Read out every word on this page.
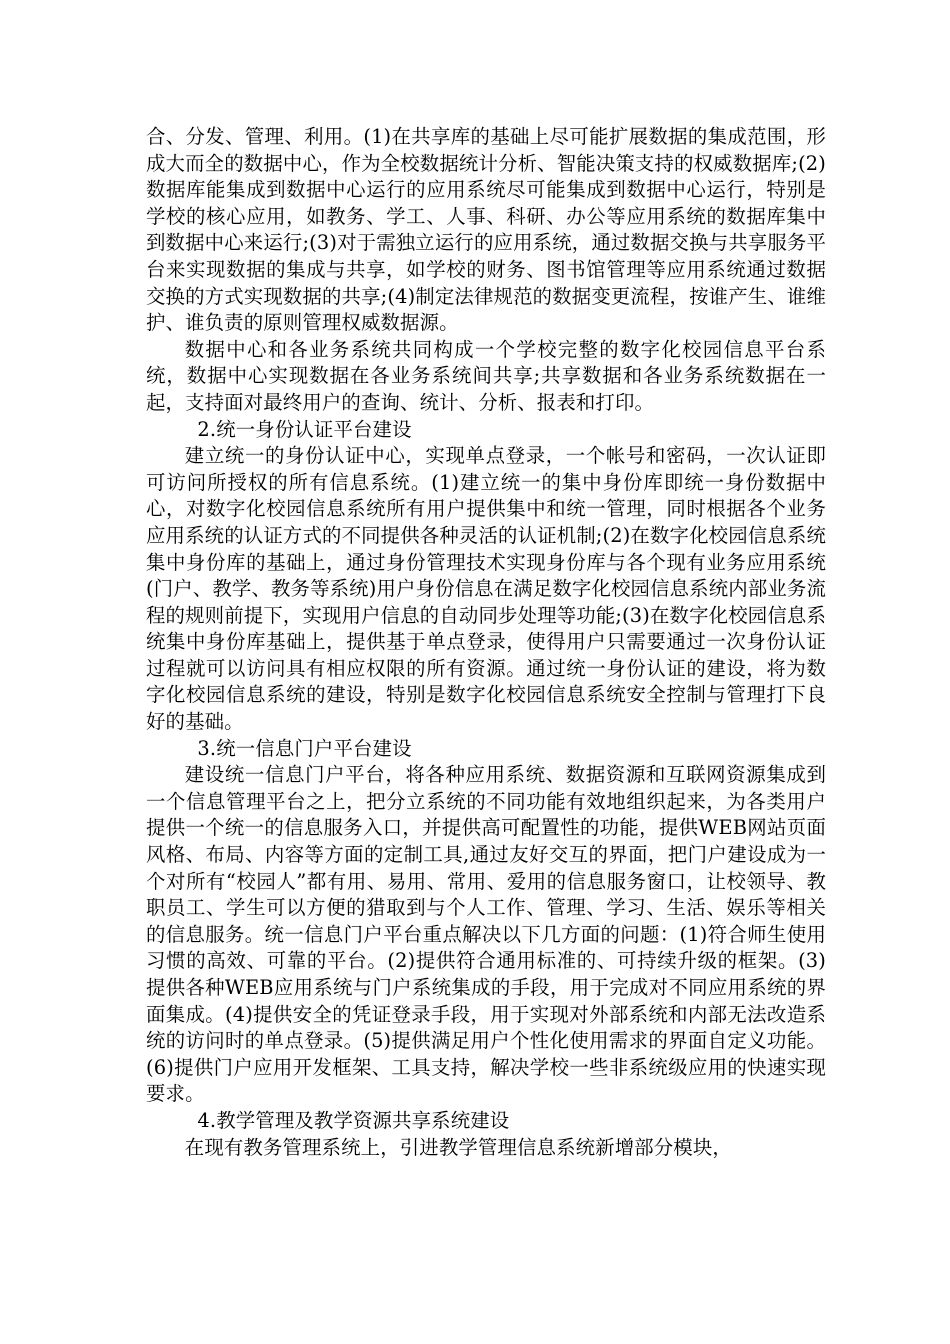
合、分发、管理、利用。(1)在共享库的基础上尽可能扩展数据的集成范围，形成大而全的数据中心，作为全校数据统计分析、智能决策支持的权威数据库;(2)数据库能集成到数据中心运行的应用系统尽可能集成到数据中心运行，特别是学校的核心应用，如教务、学工、人事、科研、办公等应用系统的数据库集中到数据中心来运行;(3)对于需独立运行的应用系统，通过数据交换与共享服务平台来实现数据的集成与共享，如学校的财务、图书馆管理等应用系统通过数据交换的方式实现数据的共享;(4)制定法律规范的数据变更流程，按谁产生、谁维护、谁负责的原则管理权威数据源。

数据中心和各业务系统共同构成一个学校完整的数字化校园信息平台系统，数据中心实现数据在各业务系统间共享;共享数据和各业务系统数据在一起，支持面对最终用户的查询、统计、分析、报表和打印。

2.统一身份认证平台建设

建立统一的身份认证中心，实现单点登录，一个帐号和密码，一次认证即可访问所授权的所有信息系统。(1)建立统一的集中身份库即统一身份数据中心，对数字化校园信息系统所有用户提供集中和统一管理，同时根据各个业务应用系统的认证方式的不同提供各种灵活的认证机制;(2)在数字化校园信息系统集中身份库的基础上，通过身份管理技术实现身份库与各个现有业务应用系统(门户、教学、教务等系统)用户身份信息在满足数字化校园信息系统内部业务流程的规则前提下，实现用户信息的自动同步处理等功能;(3)在数字化校园信息系统集中身份库基础上，提供基于单点登录，使得用户只需要通过一次身份认证过程就可以访问具有相应权限的所有资源。通过统一身份认证的建设，将为数字化校园信息系统的建设，特别是数字化校园信息系统安全控制与管理打下良好的基础。

3.统一信息门户平台建设

建设统一信息门户平台，将各种应用系统、数据资源和互联网资源集成到一个信息管理平台之上，把分立系统的不同功能有效地组织起来，为各类用户提供一个统一的信息服务入口，并提供高可配置性的功能，提供WEB网站页面风格、布局、内容等方面的定制工具,通过友好交互的界面，把门户建设成为一个对所有“校园人”都有用、易用、常用、爱用的信息服务窗口，让校领导、教职员工、学生可以方便的猎取到与个人工作、管理、学习、生活、娱乐等相关的信息服务。统一信息门户平台重点解决以下几方面的问题：(1)符合师生使用习惯的高效、可靠的平台。(2)提供符合通用标准的、可持续升级的框架。(3)提供各种WEB应用系统与门户系统集成的手段，用于完成对不同应用系统的界面集成。(4)提供安全的凭证登录手段，用于实现对外部系统和内部无法改造系统的访问时的单点登录。(5)提供满足用户个性化使用需求的界面自定义功能。(6)提供门户应用开发框架、工具支持，解决学校一些非系统级应用的快速实现要求。

4.教学管理及教学资源共享系统建设

在现有教务管理系统上，引进教学管理信息系统新增部分模块，
